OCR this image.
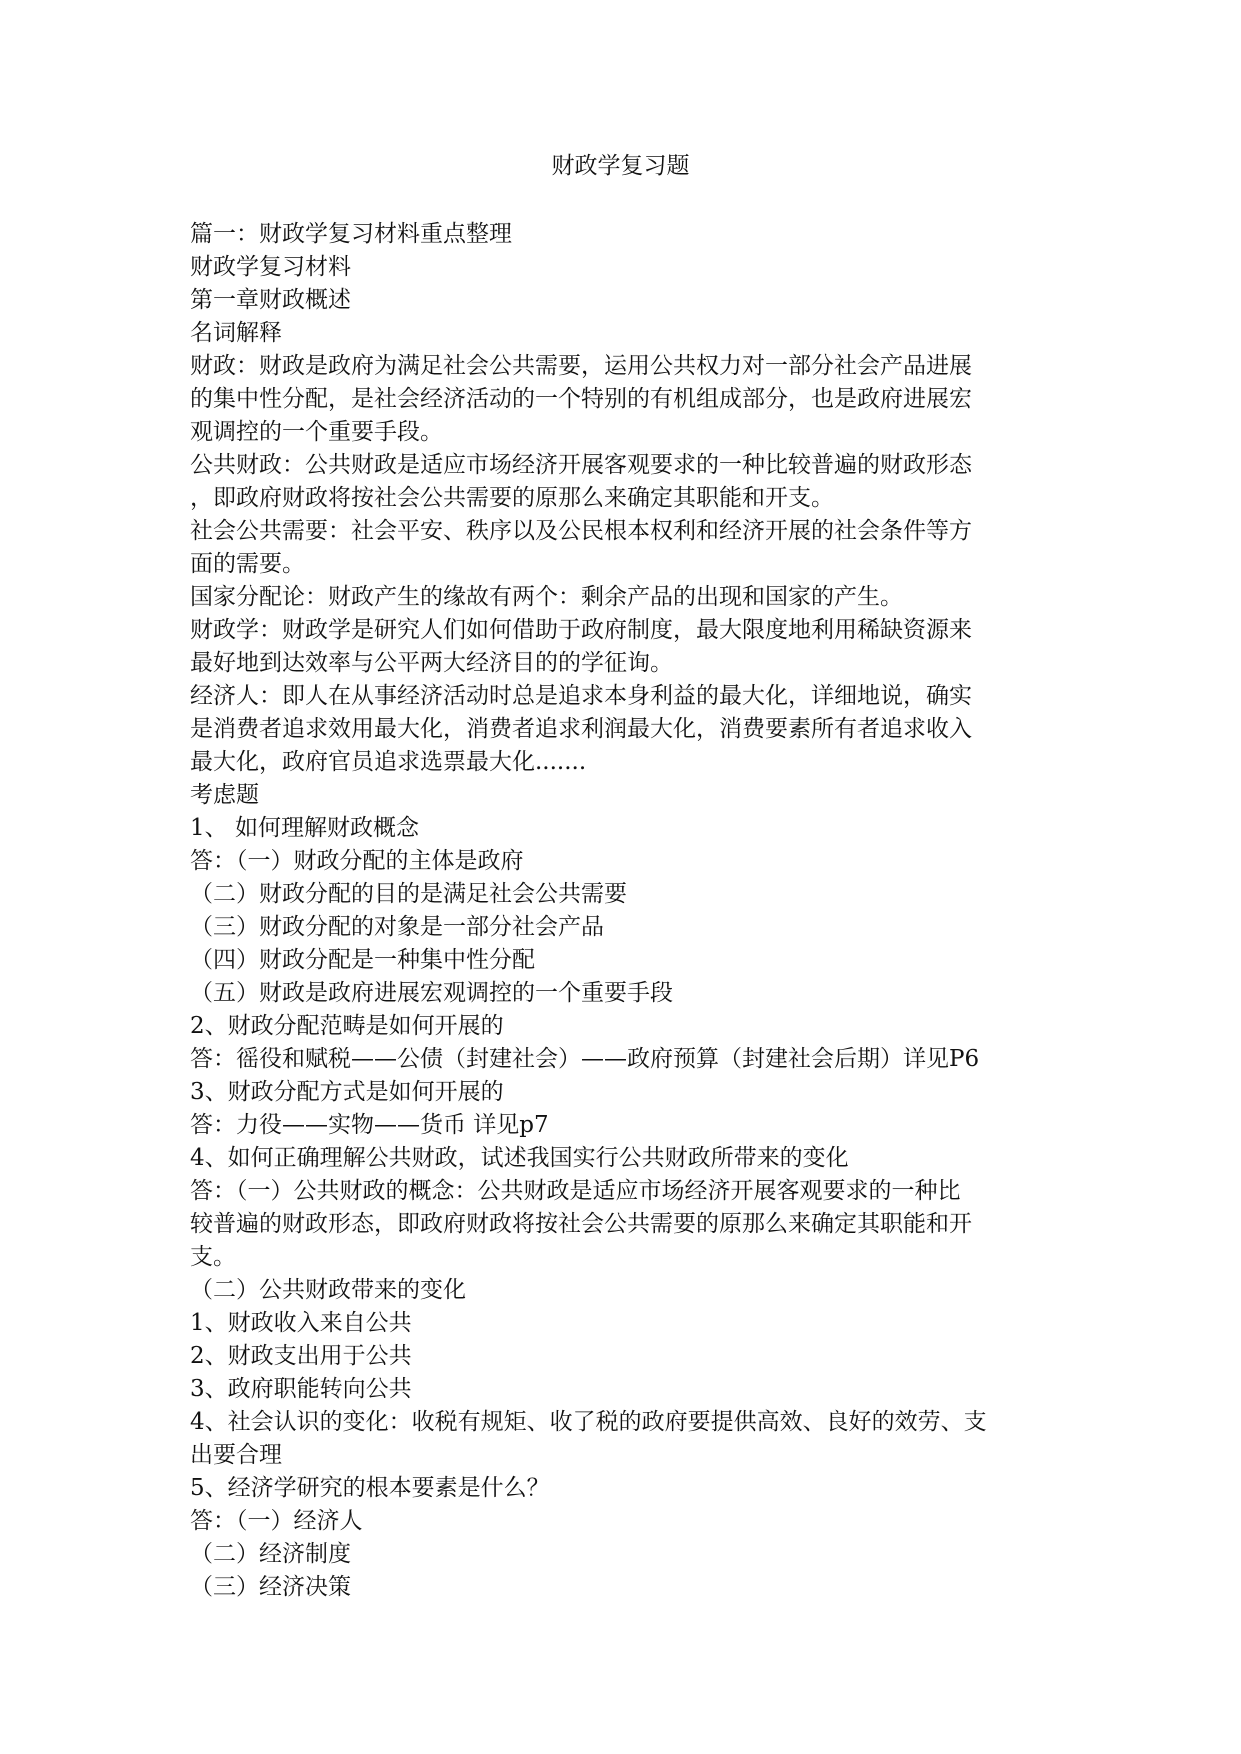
财政学复习题
篇一：财政学复习材料重点整理
财政学复习材料
第一章财政概述
名词解释
财政：财政是政府为满足社会公共需要，运用公共权力对一部分社会产品进展
的集中性分配，是社会经济活动的一个特别的有机组成部分，也是政府进展宏
观调控的一个重要手段。
公共财政：公共财政是适应市场经济开展客观要求的一种比较普遍的财政形态
，即政府财政将按社会公共需要的原那么来确定其职能和开支。
社会公共需要：社会平安、秩序以及公民根本权利和经济开展的社会条件等方
面的需要。
国家分配论：财政产生的缘故有两个：剩余产品的出现和国家的产生。
财政学：财政学是研究人们如何借助于政府制度，最大限度地利用稀缺资源来
最好地到达效率与公平两大经济目的的学征询。
经济人：即人在从事经济活动时总是追求本身利益的最大化，详细地说，确实
是消费者追求效用最大化，消费者追求利润最大化，消费要素所有者追求收入
最大化，政府官员追求选票最大化.......
考虑题
1、 如何理解财政概念
答：（一）财政分配的主体是政府
（二）财政分配的目的是满足社会公共需要
（三）财政分配的对象是一部分社会产品
（四）财政分配是一种集中性分配
（五）财政是政府进展宏观调控的一个重要手段
2、财政分配范畴是如何开展的
答：徭役和赋税——公债（封建社会）——政府预算（封建社会后期）详见P6
3、财政分配方式是如何开展的
答：力役——实物——货币 详见p7
4、如何正确理解公共财政，试述我国实行公共财政所带来的变化
答：（一）公共财政的概念：公共财政是适应市场经济开展客观要求的一种比
较普遍的财政形态，即政府财政将按社会公共需要的原那么来确定其职能和开
支。
（二）公共财政带来的变化
1、财政收入来自公共
2、财政支出用于公共
3、政府职能转向公共
4、社会认识的变化：收税有规矩、收了税的政府要提供高效、良好的效劳、支
出要合理
5、经济学研究的根本要素是什么？
答：（一）经济人
（二）经济制度
（三）经济决策
